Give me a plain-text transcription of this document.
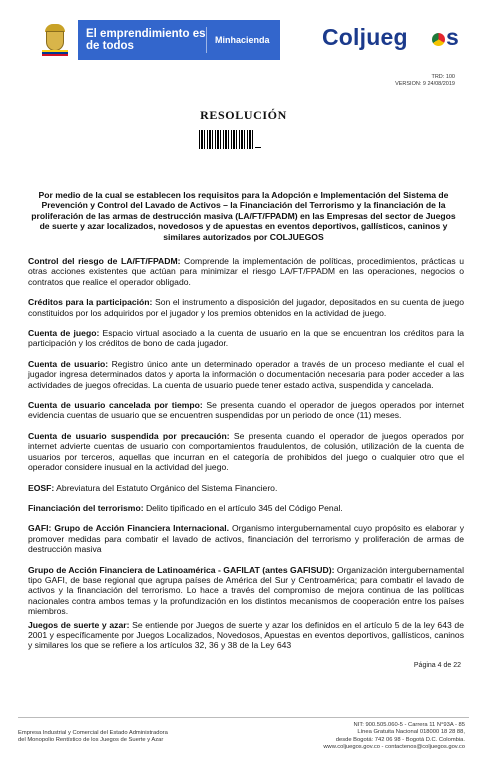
El emprendimiento es de todos	Minhacienda Coljueg s
TRD: 100
VERSION: 9 24/08/2019
RESOLUCIÓN
Por medio de la cual se establecen los requisitos para la Adopción e Implementación del Sistema de Prevención y Control del Lavado de Activos – la Financiación del Terrorismo y la financiación de la proliferación de las armas de destrucción masiva (LA/FT/FPADM) en las Empresas del sector de Juegos de suerte y azar localizados, novedosos y de apuestas en eventos deportivos, gallísticos, caninos y similares autorizados por COLJUEGOS

Control del riesgo de LA/FT/FPADM: Comprende la implementación de políticas, procedimientos, prácticas u otras acciones existentes que actúan para minimizar el riesgo LA/FT/FPADM en las operaciones, negocios o contratos que realice el operador obligado.

Créditos para la participación: Son el instrumento a disposición del jugador, depositados en su cuenta de juego constituidos por los adquiridos por el jugador y los premios obtenidos en la actividad de juego.

Cuenta de juego: Espacio virtual asociado a la cuenta de usuario en la que se encuentran los créditos para la participación y los créditos de bono de cada jugador.

Cuenta de usuario: Registro único ante un determinado operador a través de un proceso mediante el cual el jugador ingresa determinados datos y aporta la información o documentación necesaria para poder acceder a las actividades de juegos ofrecidas. La cuenta de usuario puede tener estado activa, suspendida y cancelada.

Cuenta de usuario cancelada por tiempo: Se presenta cuando el operador de juegos operados por internet evidencia cuentas de usuario que se encuentren suspendidas por un periodo de once (11) meses.

Cuenta de usuario suspendida por precaución: Se presenta cuando el operador de juegos operados por internet advierte cuentas de usuario con comportamientos fraudulentos, de colusión, utilización de la cuenta de usuarios por terceros, aquellas que incurran en el categoría de prohibidos del juego o cualquier otro que el operador considere inusual en la actividad del juego.

EOSF: Abreviatura del Estatuto Orgánico del Sistema Financiero.

Financiación del terrorismo: Delito tipificado en el artículo 345 del Código Penal.

GAFI: Grupo de Acción Financiera Internacional. Organismo intergubernamental cuyo propósito es elaborar y promover medidas para combatir el lavado de activos, financiación del terrorismo y proliferación de armas de destrucción masiva

Grupo de Acción Financiera de Latinoamérica - GAFILAT (antes GAFISUD): Organización intergubernamental tipo GAFI, de base regional que agrupa países de América del Sur y Centroamérica; para combatir el lavado de activos y la financiación del terrorismo. Lo hace a través del compromiso de mejora continua de las políticas nacionales contra ambos temas y la profundización en los distintos mecanismos de cooperación entre los países miembros.

Juegos de suerte y azar: Se entiende por Juegos de suerte y azar los definidos en el artículo 5 de la ley 643 de 2001 y específicamente por Juegos Localizados, Novedosos, Apuestas en eventos deportivos, gallísticos, caninos y similares los que se refiere a los artículos 32, 36 y 38 de la Ley 643

Página 4 de 22
Empresa Industrial y Comercial del Estado Administradora
del Monopolio Rentístico de los Juegos de Suerte y Azar
NIT: 900.505.060-5 - Carrera 11 N°93A - 85
Línea Gratuita Nacional 018000 18 28 88,
desde Bogotá: 742 06 98 - Bogotá D.C. Colombia.
www.coljuegos.gov.co - contactenos@coljuegos.gov.co
